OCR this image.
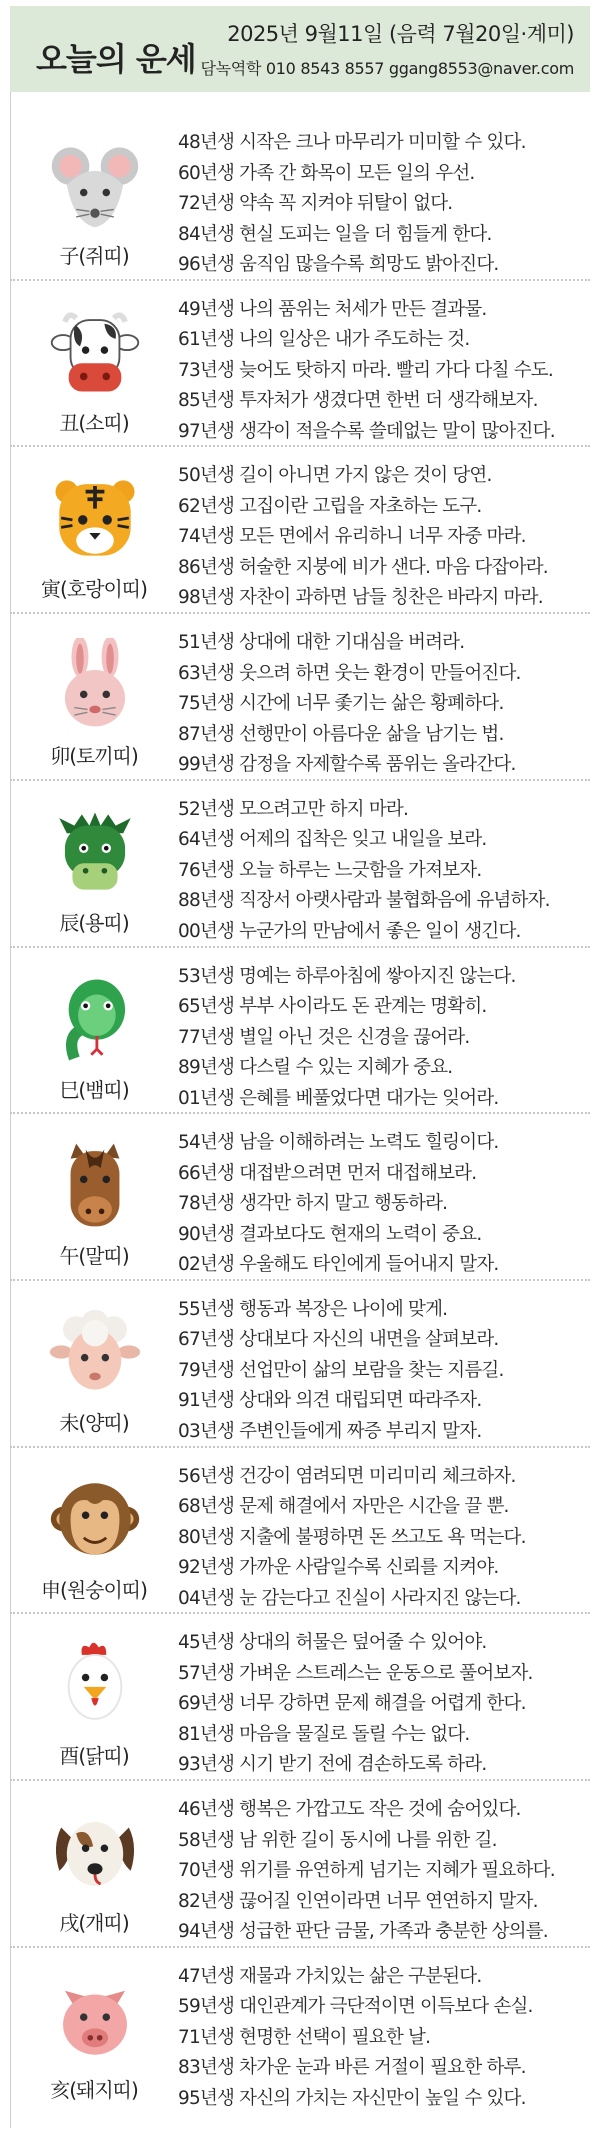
오늘의 운세
2025년 9월11일 (음력 7월20일·계미)
담녹역학 010 8543 8557 ggang8553@naver.com
子(쥐띠)
48년생 시작은 크나 마무리가 미미할 수 있다.
60년생 가족 간 화목이 모든 일의 우선.
72년생 약속 꼭 지켜야 뒤탈이 없다.
84년생 현실 도피는 일을 더 힘들게 한다.
96년생 움직임 많을수록 희망도 밝아진다.
丑(소띠)
49년생 나의 품위는 처세가 만든 결과물.
61년생 나의 일상은 내가 주도하는 것.
73년생 늦어도 탓하지 마라. 빨리 가다 다칠 수도.
85년생 투자처가 생겼다면 한번 더 생각해보자.
97년생 생각이 적을수록 쓸데없는 말이 많아진다.
寅(호랑이띠)
50년생 길이 아니면 가지 않은 것이 당연.
62년생 고집이란 고립을 자초하는 도구.
74년생 모든 면에서 유리하니 너무 자중 마라.
86년생 허술한 지붕에 비가 샌다. 마음 다잡아라.
98년생 자찬이 과하면 남들 칭찬은 바라지 마라.
卯(토끼띠)
51년생 상대에 대한 기대심을 버려라.
63년생 웃으려 하면 웃는 환경이 만들어진다.
75년생 시간에 너무 좇기는 삶은 황폐하다.
87년생 선행만이 아름다운 삶을 남기는 법.
99년생 감정을 자제할수록 품위는 올라간다.
辰(용띠)
52년생 모으려고만 하지 마라.
64년생 어제의 집착은 잊고 내일을 보라.
76년생 오늘 하루는 느긋함을 가져보자.
88년생 직장서 아랫사람과 불협화음에 유념하자.
00년생 누군가의 만남에서 좋은 일이 생긴다.
巳(뱀띠)
53년생 명예는 하루아침에 쌓아지진 않는다.
65년생 부부 사이라도 돈 관계는 명확히.
77년생 별일 아닌 것은 신경을 끊어라.
89년생 다스릴 수 있는 지혜가 중요.
01년생 은혜를 베풀었다면 대가는 잊어라.
午(말띠)
54년생 남을 이해하려는 노력도 힐링이다.
66년생 대접받으려면 먼저 대접해보라.
78년생 생각만 하지 말고 행동하라.
90년생 결과보다도 현재의 노력이 중요.
02년생 우울해도 타인에게 들어내지 말자.
未(양띠)
55년생 행동과 복장은 나이에 맞게.
67년생 상대보다 자신의 내면을 살펴보라.
79년생 선업만이 삶의 보람을 찾는 지름길.
91년생 상대와 의견 대립되면 따라주자.
03년생 주변인들에게 짜증 부리지 말자.
申(원숭이띠)
56년생 건강이 염려되면 미리미리 체크하자.
68년생 문제 해결에서 자만은 시간을 끌 뿐.
80년생 지출에 불평하면 돈 쓰고도 욕 먹는다.
92년생 가까운 사람일수록 신뢰를 지켜야.
04년생 눈 감는다고 진실이 사라지진 않는다.
酉(닭띠)
45년생 상대의 허물은 덮어줄 수 있어야.
57년생 가벼운 스트레스는 운동으로 풀어보자.
69년생 너무 강하면 문제 해결을 어렵게 한다.
81년생 마음을 물질로 돌릴 수는 없다.
93년생 시기 받기 전에 겸손하도록 하라.
戌(개띠)
46년생 행복은 가깝고도 작은 것에 숨어있다.
58년생 남 위한 길이 동시에 나를 위한 길.
70년생 위기를 유연하게 넘기는 지혜가 필요하다.
82년생 끊어질 인연이라면 너무 연연하지 말자.
94년생 성급한 판단 금물, 가족과 충분한 상의를.
亥(돼지띠)
47년생 재물과 가치있는 삶은 구분된다.
59년생 대인관계가 극단적이면 이득보다 손실.
71년생 현명한 선택이 필요한 날.
83년생 차가운 눈과 바른 거절이 필요한 하루.
95년생 자신의 가치는 자신만이 높일 수 있다.
